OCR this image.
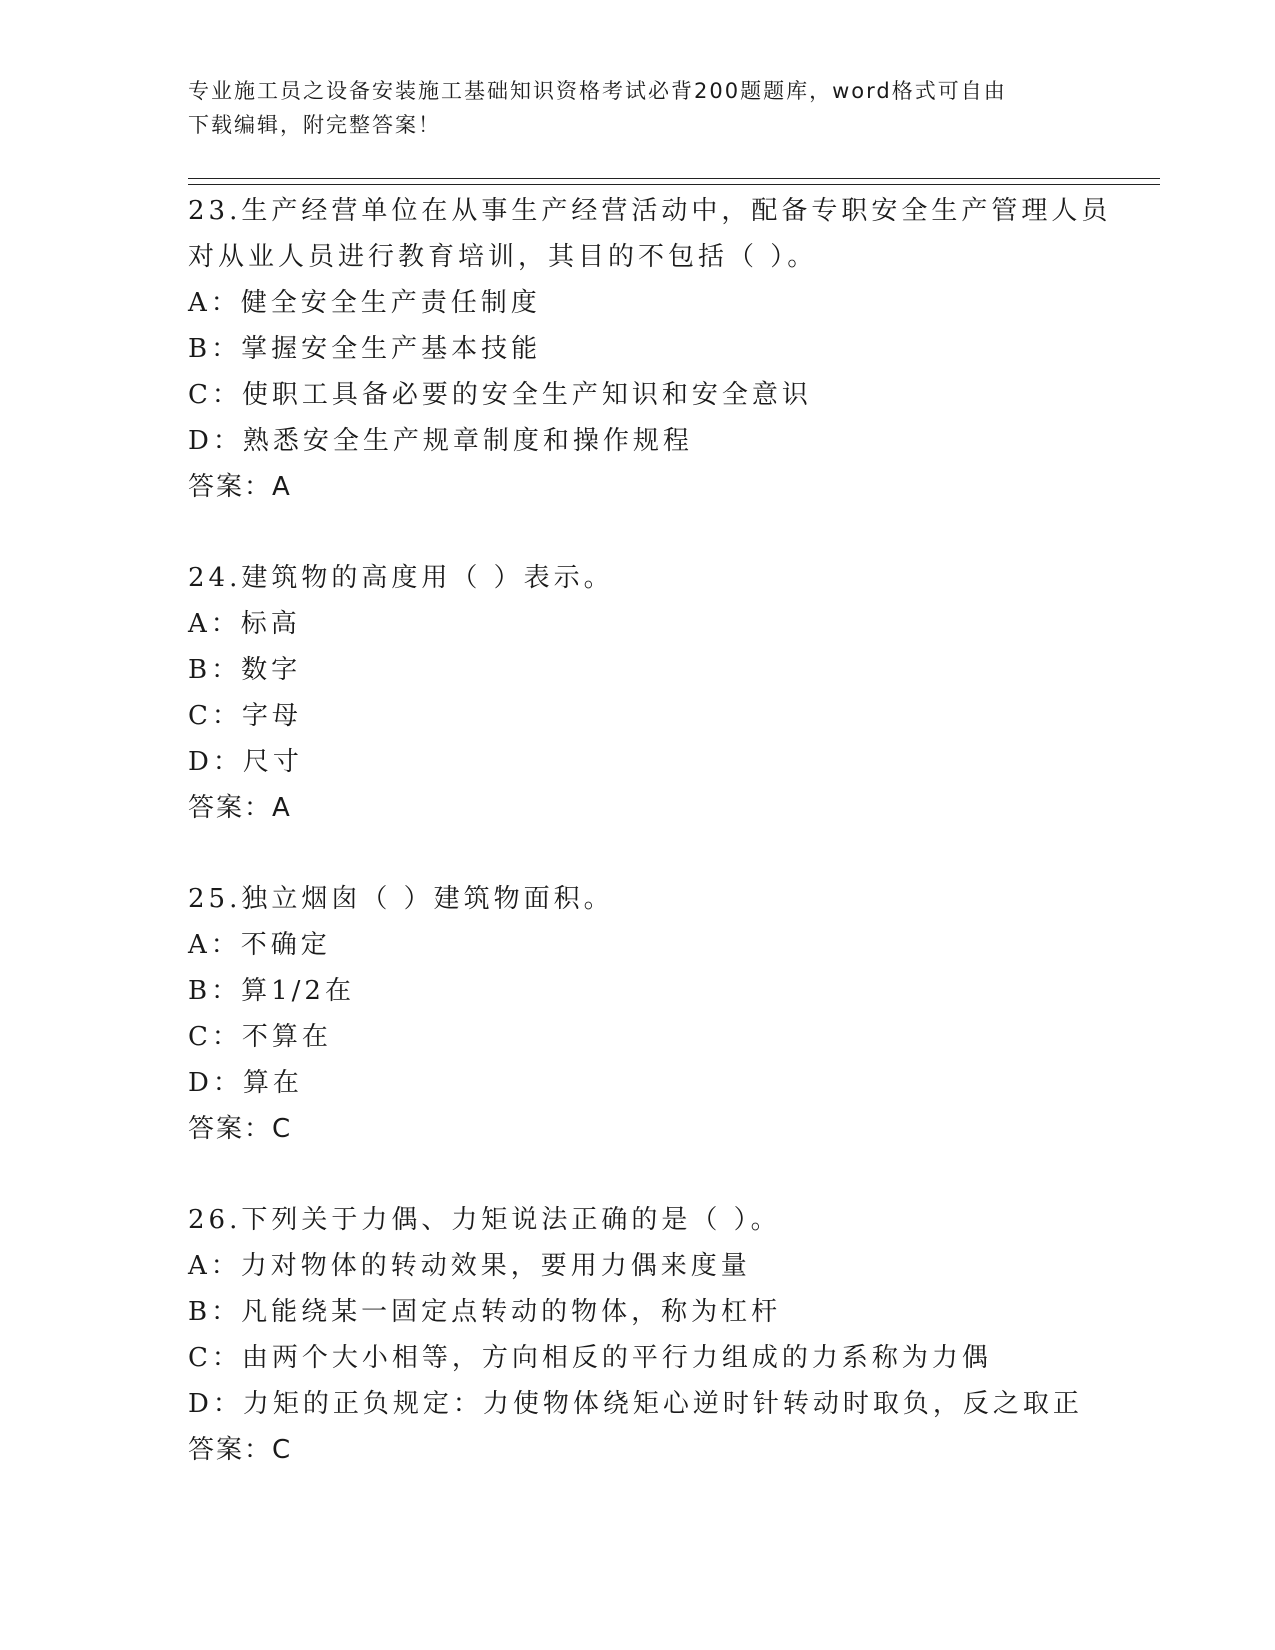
专业施工员之设备安装施工基础知识资格考试必背200题题库，word格式可自由
下载编辑，附完整答案！
23.生产经营单位在从事生产经营活动中，配备专职安全生产管理人员
对从业人员进行教育培训，其目的不包括（ ）。
A：健全安全生产责任制度
B：掌握安全生产基本技能
C：使职工具备必要的安全生产知识和安全意识
D：熟悉安全生产规章制度和操作规程
答案：A
24.建筑物的高度用（ ）表示。
A：标高
B：数字
C：字母
D：尺寸
答案：A
25.独立烟囱（ ）建筑物面积。
A：不确定
B：算1/2在
C：不算在
D：算在
答案：C
26.下列关于力偶、力矩说法正确的是（ ）。
A：力对物体的转动效果，要用力偶来度量
B：凡能绕某一固定点转动的物体，称为杠杆
C：由两个大小相等，方向相反的平行力组成的力系称为力偶
D：力矩的正负规定：力使物体绕矩心逆时针转动时取负，反之取正
答案：C
